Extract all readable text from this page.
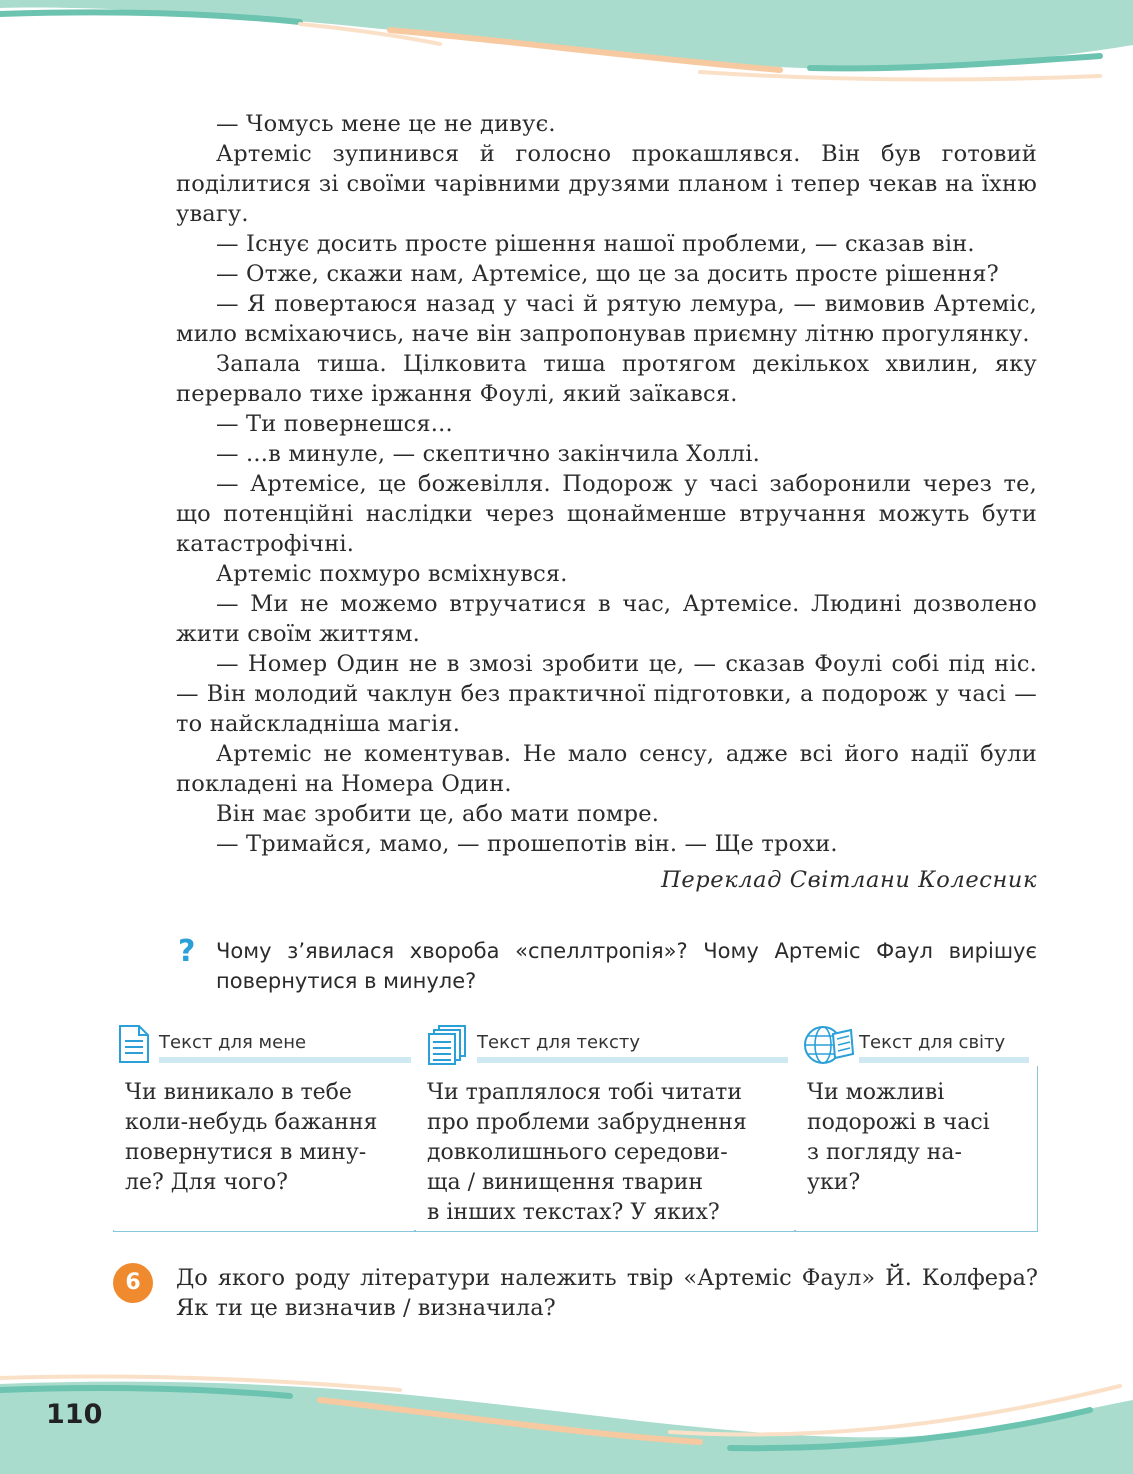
— Чомусь мене це не дивує.

Артеміс зупинився й голосно прокашлявся. Він був готовий поділитися зі своїми чарівними друзями планом і тепер чекав на їхню увагу.

— Існує досить просте рішення нашої проблеми, — сказав він.

— Отже, скажи нам, Артемісе, що це за досить просте рішення?

— Я повертаюся назад у часі й рятую лемура, — вимовив Артеміс, мило всміхаючись, наче він запропонував приємну літню прогулянку.

Запала тиша. Цілковита тиша протягом декількох хвилин, яку перервало тихе іржання Фоулі, який заїкався.

— Ти повернешся...

— ...в минуле, — скептично закінчила Холлі.

— Артемісе, це божевілля. Подорож у часі заборонили через те, що потенційні наслідки через щонайменше втручання можуть бути катастрофічні.

Артеміс похмуро всміхнувся.

— Ми не можемо втручатися в час, Артемісе. Людині дозволено жити своїм життям.

— Номер Один не в змозі зробити це, — сказав Фоулі собі під ніс. — Він молодий чаклун без практичної підготовки, а подорож у часі — то найскладніша магія.

Артеміс не коментував. Не мало сенсу, адже всі його надії були покладені на Номера Один.

Він має зробити це, або мати помре.

— Тримайся, мамо, — прошепотів він. — Ще трохи.

Переклад Світлани Колесник

? Чому з’явилася хвороба «спеллтропія»? Чому Артеміс Фаул вирішує повернутися в минуле?

Текст для мене	Текст для тексту	Текст для світу
Чи виникало в тебе
коли-небудь бажання
повернутися в мину-
ле? Для чого?
Чи траплялося тобі читати
про проблеми забруднення
довколишнього середови-
ща / винищення тварин
в інших текстах? У яких?
Чи можливі
подорожі в часі
з погляду на-
уки?
6	До якого роду літератури належить твір «Артеміс Фаул» Й. Колфера? Як ти це визначив / визначила?

110
